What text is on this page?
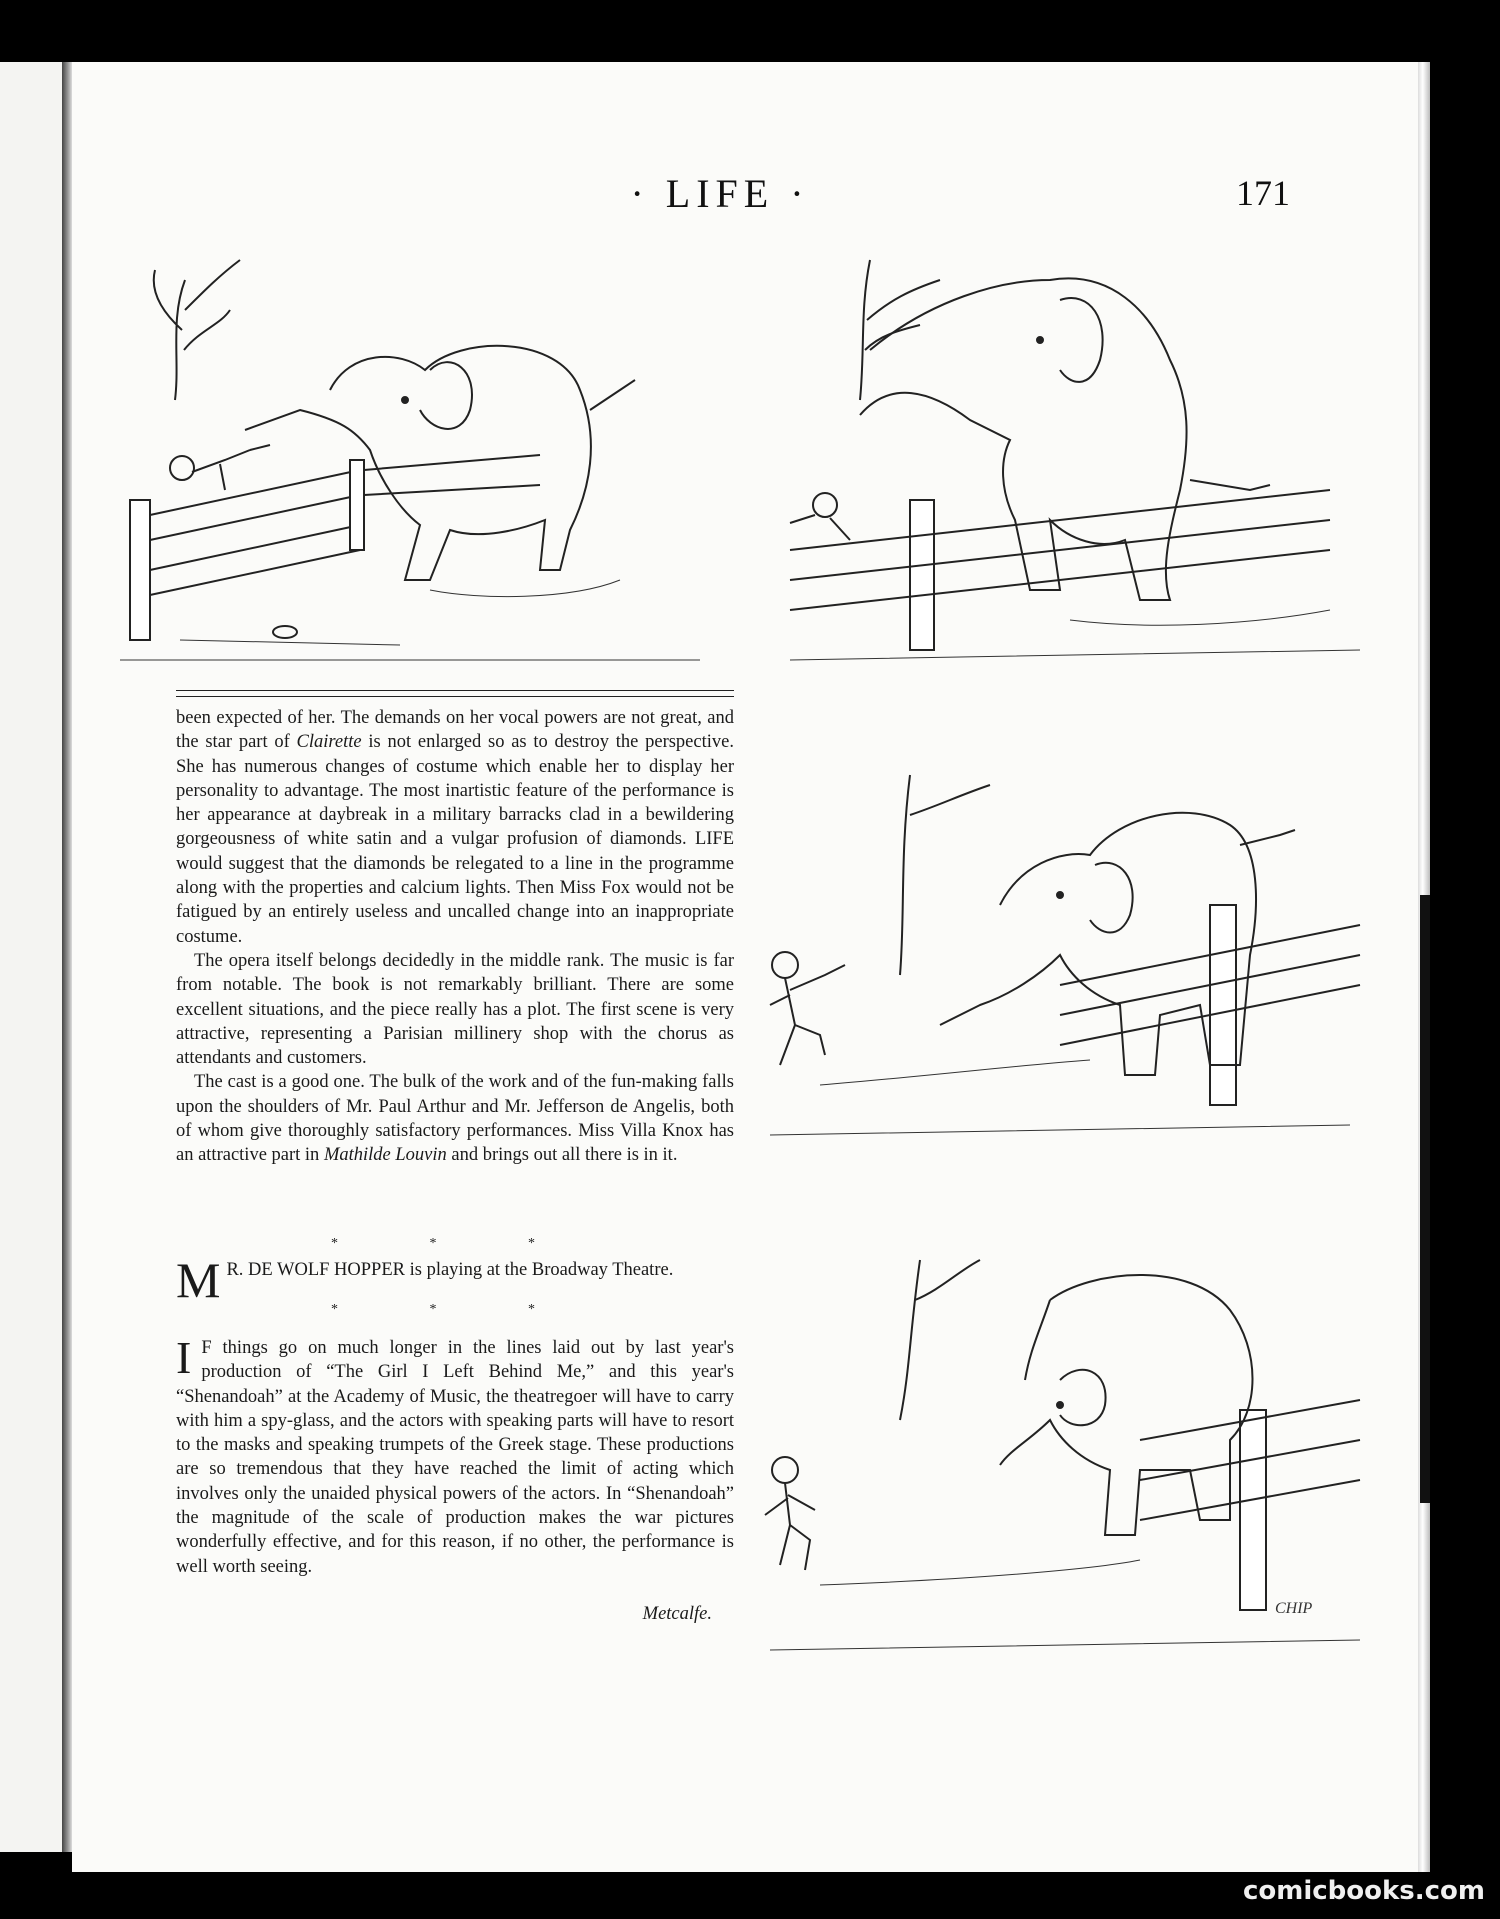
· LIFE ·	171
CHIP

been expected of her. The demands on her vocal powers are not great, and the star part of Clairette is not enlarged so as to destroy the perspective. She has numerous changes of costume which enable her to display her personality to advantage. The most inartistic feature of the performance is her appearance at daybreak in a military barracks clad in a bewildering gorgeousness of white satin and a vulgar profusion of diamonds. LIFE would suggest that the diamonds be relegated to a line in the programme along with the properties and calcium lights. Then Miss Fox would not be fatigued by an entirely useless and uncalled change into an inappropriate costume.

The opera itself belongs decidedly in the middle rank. The music is far from notable. The book is not remarkably brilliant. There are some excellent situations, and the piece really has a plot. The first scene is very attractive, representing a Parisian millinery shop with the chorus as attendants and customers.

The cast is a good one. The bulk of the work and of the fun-making falls upon the shoulders of Mr. Paul Arthur and Mr. Jefferson de Angelis, both of whom give thoroughly satisfactory performances. Miss Villa Knox has an attractive part in Mathilde Louvin and brings out all there is in it.

* * *
M R. DE WOLF HOPPER is playing at the Broadway Theatre.
* * *
I F things go on much longer in the lines laid out by last year's production of “The Girl I Left Behind Me,” and this year's “Shenandoah” at the Academy of Music, the theatregoer will have to carry with him a spy-glass, and the actors with speaking parts will have to resort to the masks and speaking trumpets of the Greek stage. These productions are so tremendous that they have reached the limit of acting which involves only the unaided physical powers of the actors. In “Shenandoah” the magnitude of the scale of production makes the war pictures wonderfully effective, and for this reason, if no other, the performance is well worth seeing.
Metcalfe.
comicbooks.com
